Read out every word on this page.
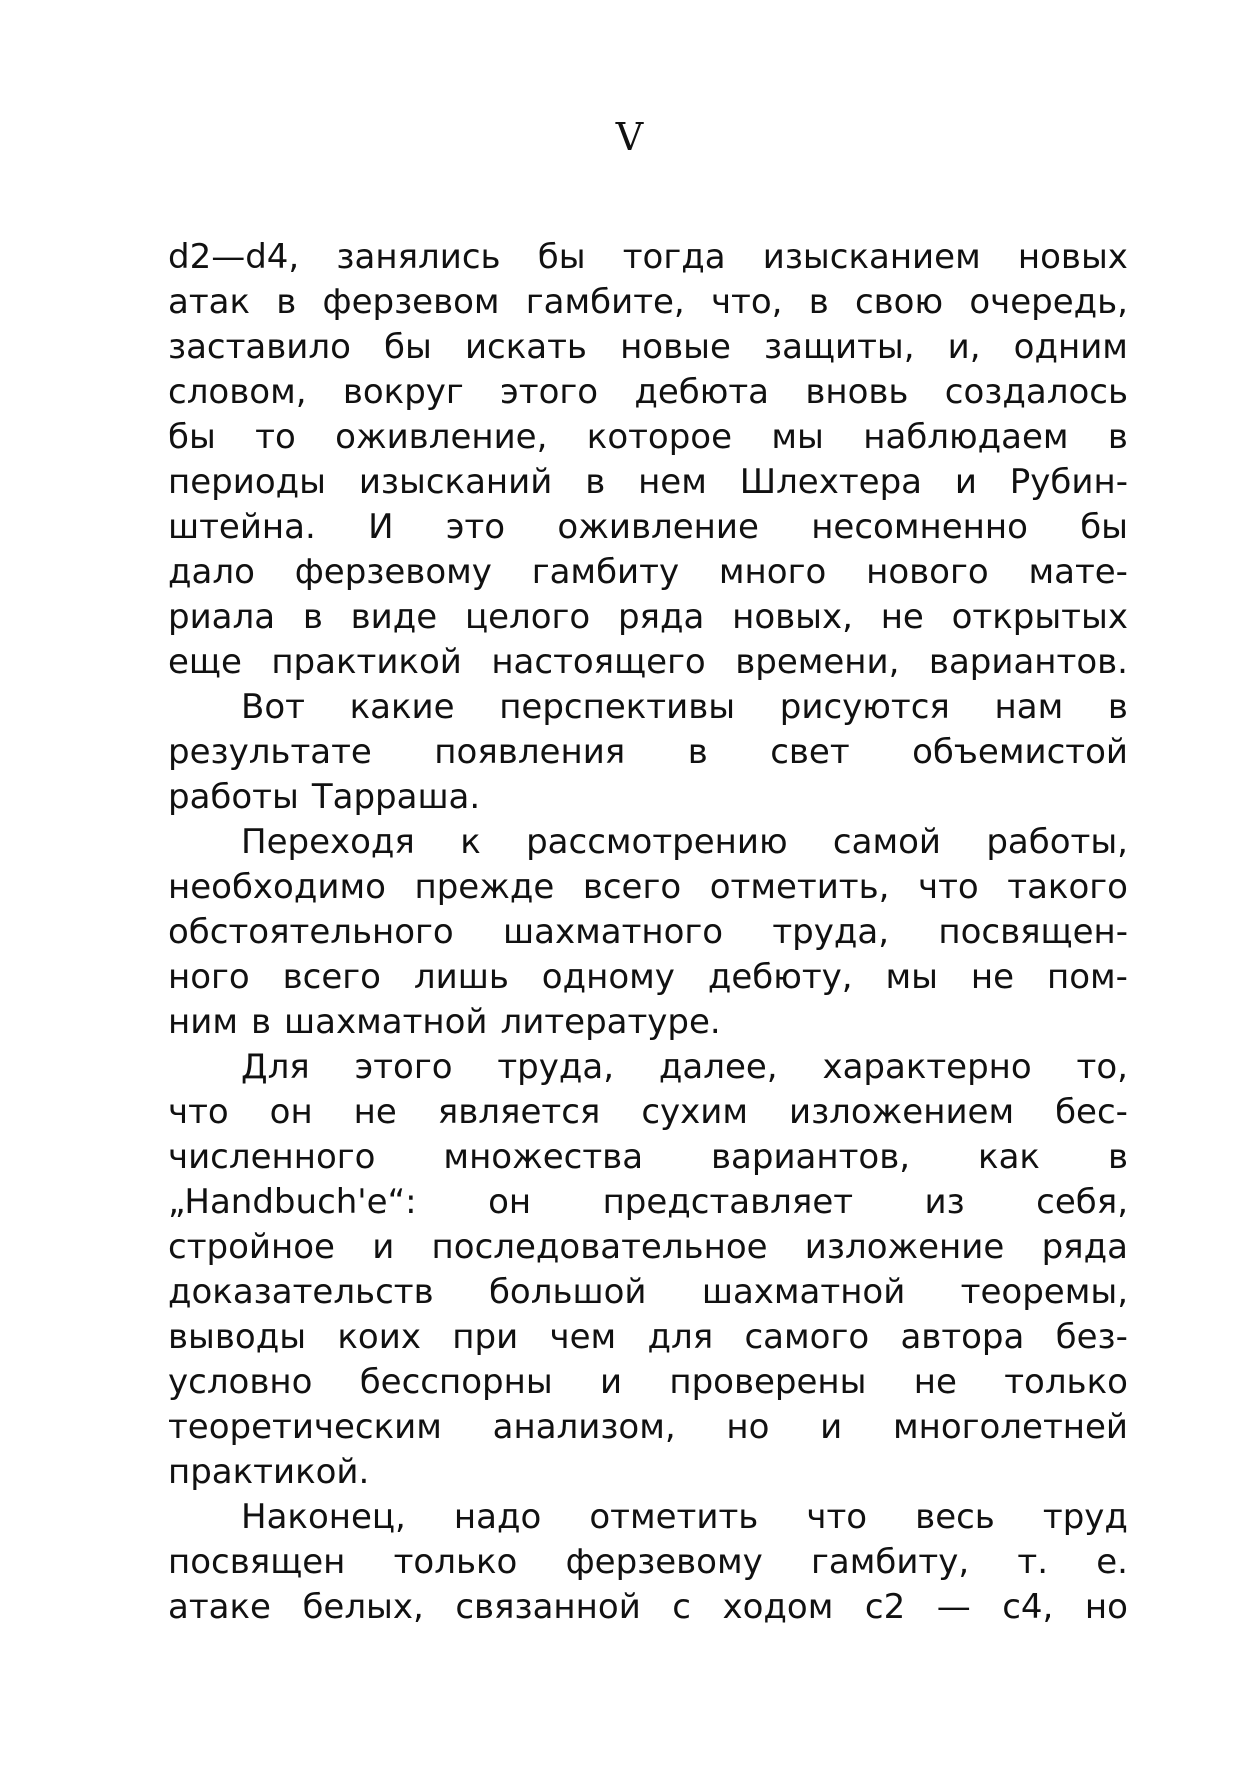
V
d2—d4, занялись бы тогда изысканием новых
атак в ферзевом гамбите, что, в свою очередь,
заставило бы искать новые защиты, и, одним
словом, вокруг этого дебюта вновь создалось
бы то оживление, которое мы наблюдаем в
периоды изысканий в нем Шлехтера и Рубин-
штейна. И это оживление несомненно бы
дало ферзевому гамбиту много нового мате-
риала в виде целого ряда новых, не открытых
еще практикой настоящего времени, вариантов.
Вот какие перспективы рисуются нам в
результате появления в свет объемистой
работы Тарраша.
Переходя к рассмотрению самой работы,
необходимо прежде всего отметить, что такого
обстоятельного шахматного труда, посвящен-
ного всего лишь одному дебюту, мы не пом-
ним в шахматной литературе.
Для этого труда, далее, характерно то,
что он не является сухим изложением бес-
численного множества вариантов, как в
„Handbuch'e“: он представляет из себя,
стройное и последовательное изложение ряда
доказательств большой шахматной теоремы,
выводы коих при чем для самого автора без-
условно бесспорны и проверены не только
теоретическим анализом, но и многолетней
практикой.
Наконец, надо отметить что весь труд
посвящен только ферзевому гамбиту, т. е.
атаке белых, связанной с ходом c2 — c4, но
